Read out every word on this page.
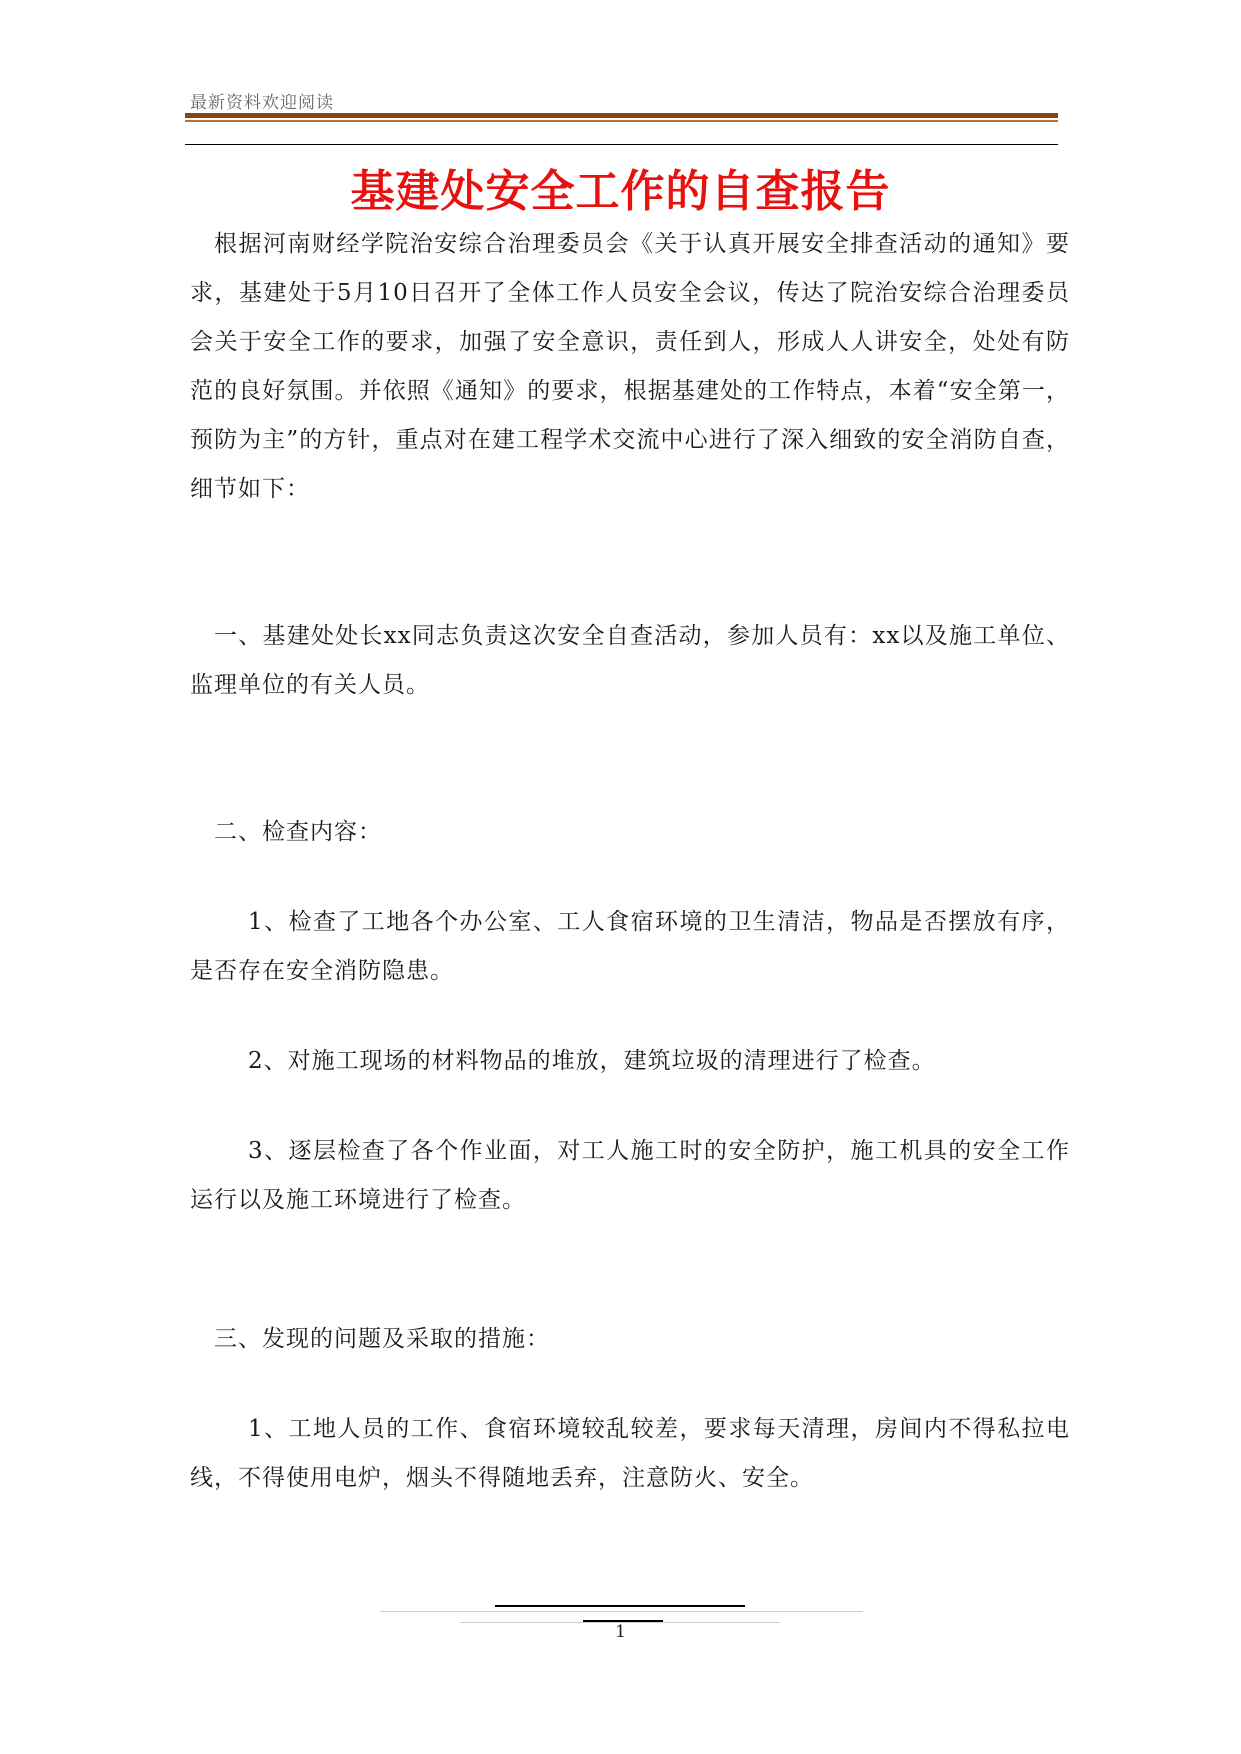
最新资料欢迎阅读
基建处安全工作的自查报告

根据河南财经学院治安综合治理委员会《关于认真开展安全排查活动的通知》要求，基建处于5月10日召开了全体工作人员安全会议，传达了院治安综合治理委员会关于安全工作的要求，加强了安全意识，责任到人，形成人人讲安全，处处有防范的良好氛围。并依照《通知》的要求，根据基建处的工作特点，本着“安全第一，预防为主”的方针，重点对在建工程学术交流中心进行了深入细致的安全消防自查，细节如下：

一、基建处处长xx同志负责这次安全自查活动，参加人员有：xx以及施工单位、监理单位的有关人员。

二、检查内容：

1、检查了工地各个办公室、工人食宿环境的卫生清洁，物品是否摆放有序，是否存在安全消防隐患。

2、对施工现场的材料物品的堆放，建筑垃圾的清理进行了检查。

3、逐层检查了各个作业面，对工人施工时的安全防护，施工机具的安全工作运行以及施工环境进行了检查。

三、发现的问题及采取的措施：

1、工地人员的工作、食宿环境较乱较差，要求每天清理，房间内不得私拉电线，不得使用电炉，烟头不得随地丢弃，注意防火、安全。

1
